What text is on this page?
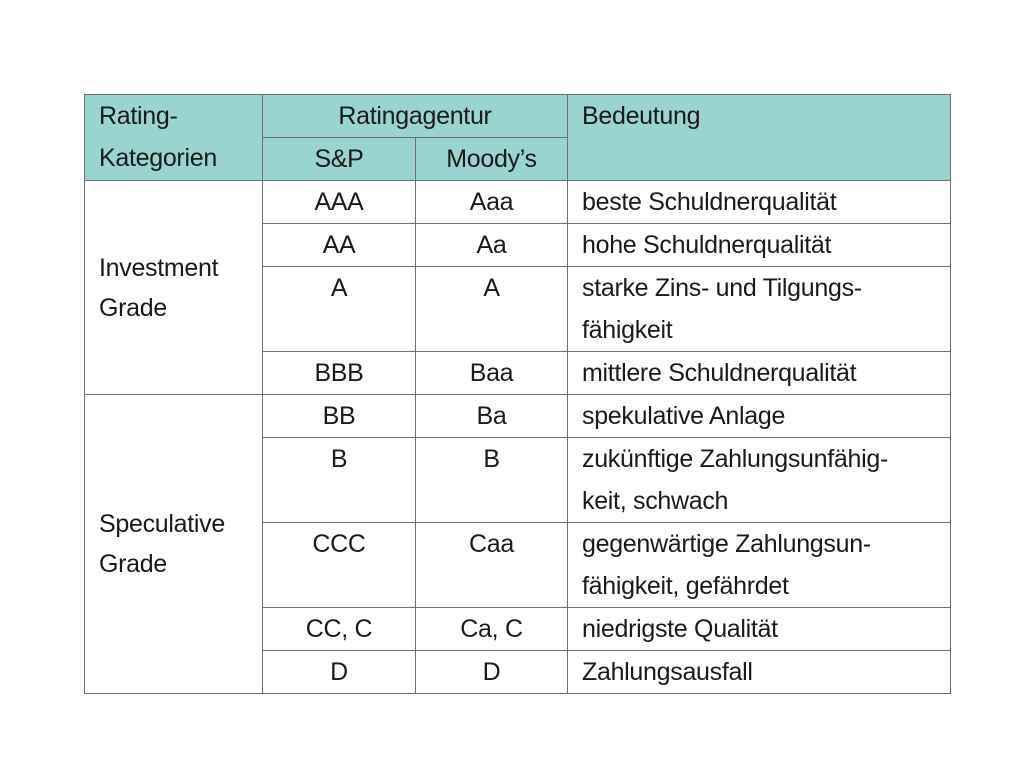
Rating-
Kategorien	Ratingagentur		Bedeutung
	S&P	Moody’s	

Investment
Grade	AAA	Aaa	beste Schuldnerqualität
	AA	Aa	hohe Schuldnerqualität
	A	A	starke Zins- und Tilgungs-
			fähigkeit
	BBB	Baa	mittlere Schuldnerqualität

Speculative
Grade	BB	Ba	spekulative Anlage
	B	B	zukünftige Zahlungsunfähig-
			keit, schwach
	CCC	Caa	gegenwärtige Zahlungsun-
			fähigkeit, gefährdet
	CC, C	Ca, C	niedrigste Qualität
	D	D	Zahlungsausfall
